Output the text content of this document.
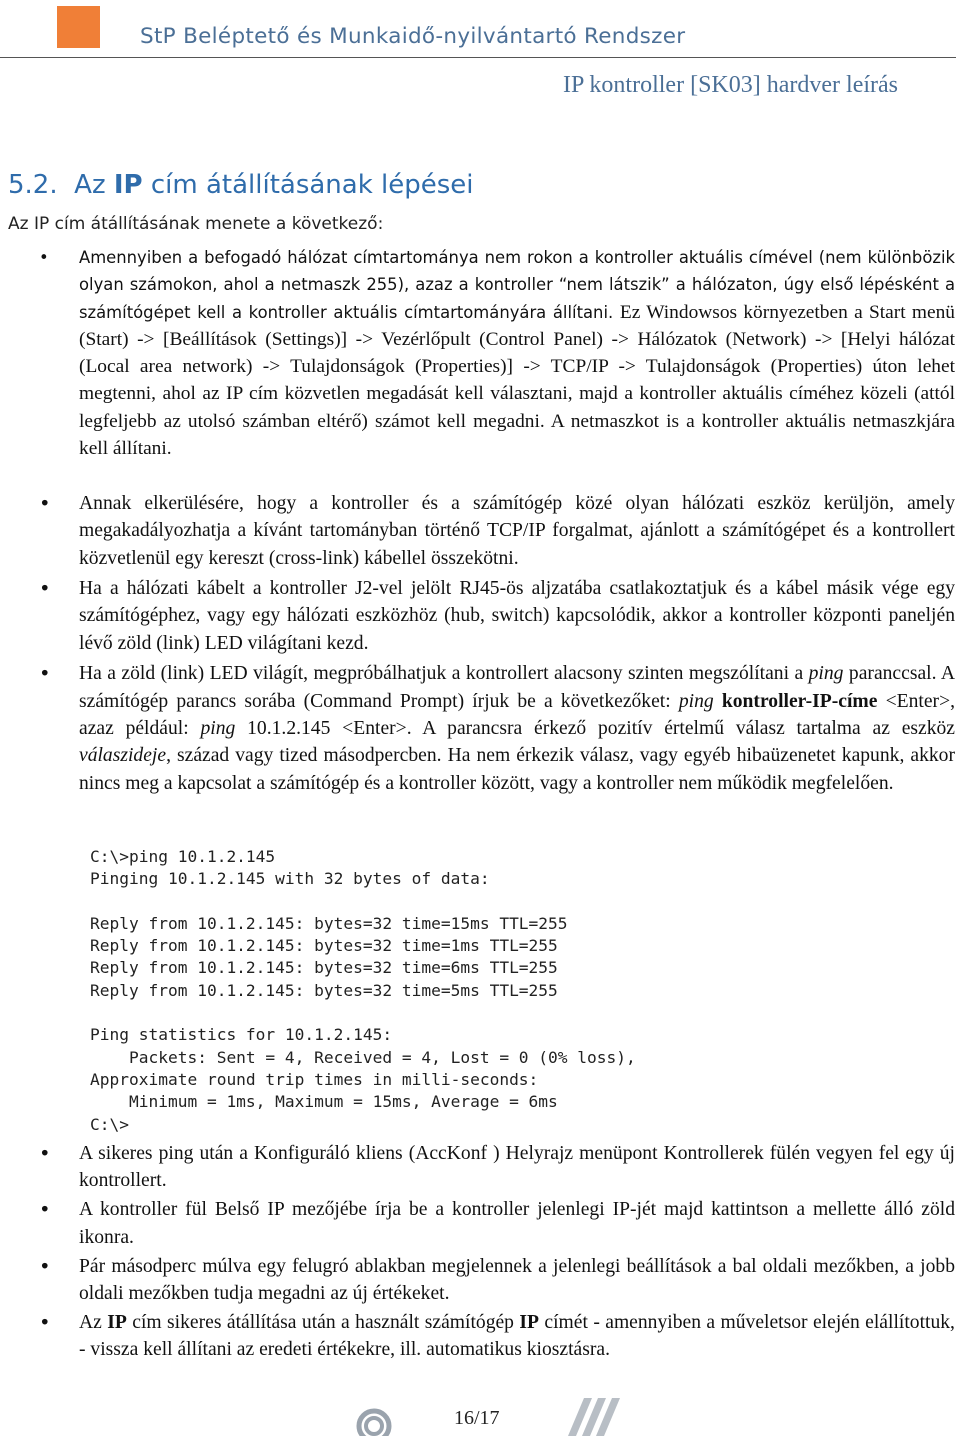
StP Beléptető és Munkaidő-nyilvántartó Rendszer
IP kontroller [SK03] hardver leírás
5.2. Az IP cím átállításának lépései
Az IP cím átállításának menete a következő:
• Amennyiben a befogadó hálózat címtartománya nem rokon a kontroller aktuális címével (nem különbözik olyan számokon, ahol a netmaszk 255), azaz a kontroller “nem látszik” a hálózaton, úgy első lépésként a számítógépet kell a kontroller aktuális címtartományára állítani. Ez Windowsos környezetben a Start menü (Start) -> [Beállítások (Settings)] -> Vezérlőpult (Control Panel) -> Hálózatok (Network) -> [Helyi hálózat (Local area network) -> Tulajdonságok (Properties)] -> TCP/IP -> Tulajdonságok (Properties) úton lehet megtenni, ahol az IP cím közvetlen megadását kell választani, majd a kontroller aktuális címéhez közeli (attól legfeljebb az utolsó számban eltérő) számot kell megadni. A netmaszkot is a kontroller aktuális netmaszkjára kell állítani.
• Annak elkerülésére, hogy a kontroller és a számítógép közé olyan hálózati eszköz kerüljön, amely megakadályozhatja a kívánt tartományban történő TCP/IP forgalmat, ajánlott a számítógépet és a kontrollert közvetlenül egy kereszt (cross-link) kábellel összekötni.
• Ha a hálózati kábelt a kontroller J2-vel jelölt RJ45-ös aljzatába csatlakoztatjuk és a kábel másik vége egy számítógéphez, vagy egy hálózati eszközhöz (hub, switch) kapcsolódik, akkor a kontroller központi paneljén lévő zöld (link) LED világítani kezd.
• Ha a zöld (link) LED világít, megpróbálhatjuk a kontrollert alacsony szinten megszólítani a ping paranccsal. A számítógép parancs sorába (Command Prompt) írjuk be a következőket: ping kontroller-IP-címe <Enter>, azaz például: ping 10.1.2.145 <Enter>. A parancsra érkező pozitív értelmű válasz tartalma az eszköz válaszideje, század vagy tized másodpercben. Ha nem érkezik válasz, vagy egyéb hibaüzenetet kapunk, akkor nincs meg a kapcsolat a számítógép és a kontroller között, vagy a kontroller nem működik megfelelően.
C:\>ping 10.1.2.145
Pinging 10.1.2.145 with 32 bytes of data:

Reply from 10.1.2.145: bytes=32 time=15ms TTL=255
Reply from 10.1.2.145: bytes=32 time=1ms TTL=255
Reply from 10.1.2.145: bytes=32 time=6ms TTL=255
Reply from 10.1.2.145: bytes=32 time=5ms TTL=255

Ping statistics for 10.1.2.145:
Packets: Sent = 4, Received = 4, Lost = 0 (0% loss),
Approximate round trip times in milli-seconds:
Minimum = 1ms, Maximum = 15ms, Average = 6ms
C:\>
• A sikeres ping után a Konfiguráló kliens (AccKonf ) Helyrajz menüpont Kontrollerek fülén vegyen fel egy új kontrollert.
• A kontroller fül Belső IP mezőjébe írja be a kontroller jelenlegi IP-jét majd kattintson a mellette álló zöld ikonra.
• Pár másodperc múlva egy felugró ablakban megjelennek a jelenlegi beállítások a bal oldali mezőkben, a jobb oldali mezőkben tudja megadni az új értékeket.
• Az IP cím sikeres átállítása után a használt számítógép IP címét - amennyiben a műveletsor elején elállítottuk, - vissza kell állítani az eredeti értékekre, ill. automatikus kiosztásra.
16/17
